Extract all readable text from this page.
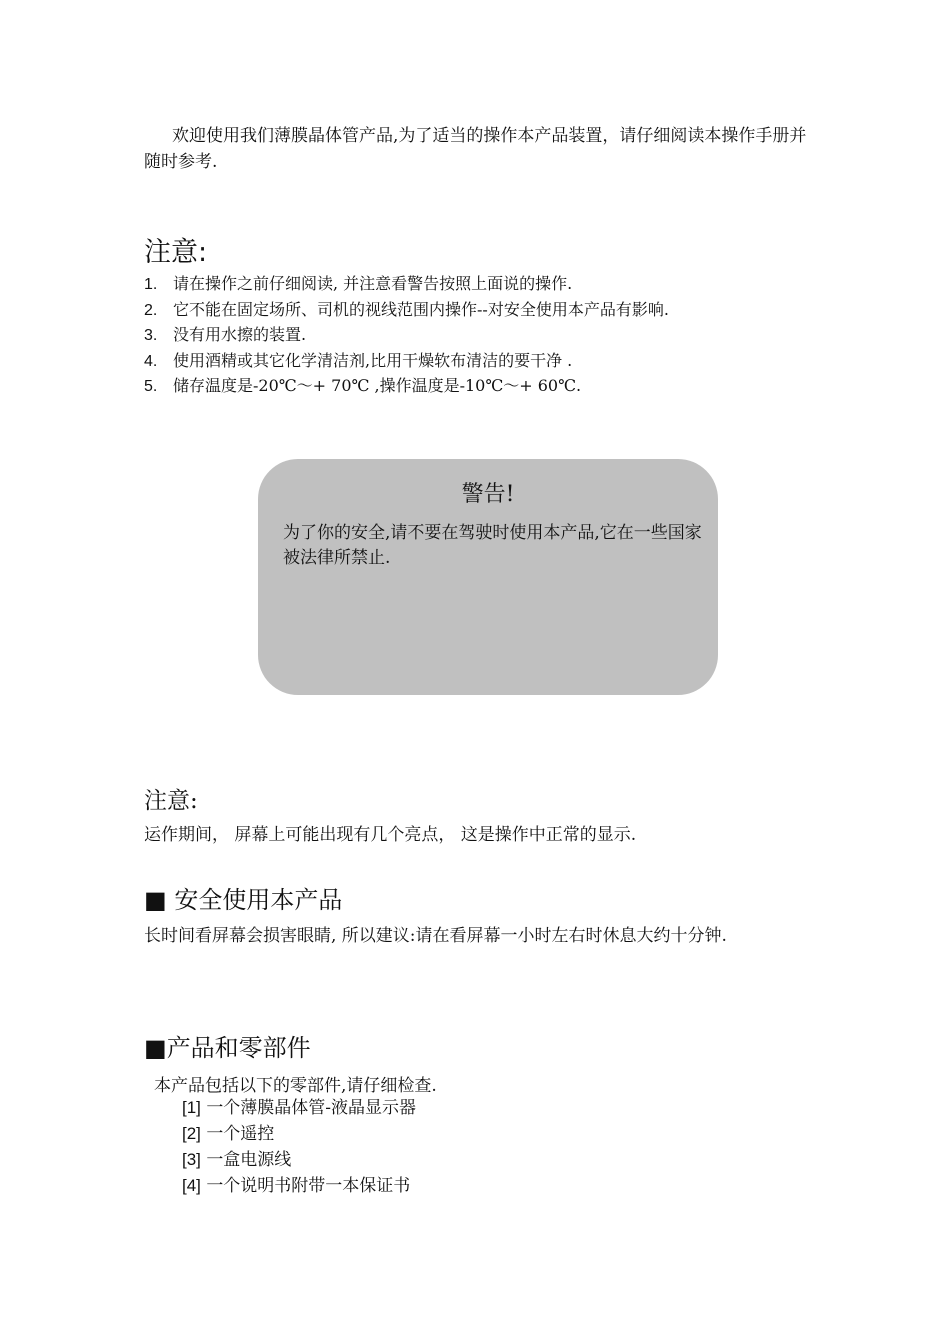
欢迎使用我们薄膜晶体管产品,为了适当的操作本产品装置，请仔细阅读本操作手册并随时参考.
注意:
1. 请在操作之前仔细阅读, 并注意看警告按照上面说的操作.
2. 它不能在固定场所、司机的视线范围内操作--对安全使用本产品有影响.
3. 没有用水擦的装置.
4. 使用酒精或其它化学清洁剂,比用干燥软布清洁的要干净 .
5. 储存温度是-20℃～+ 70℃ ,操作温度是-10℃～+ 60℃.
警告!
为了你的安全,请不要在驾驶时使用本产品,它在一些国家被法律所禁止.
注意:
运作期间， 屏幕上可能出现有几个亮点， 这是操作中正常的显示.
■ 安全使用本产品
长时间看屏幕会损害眼睛, 所以建议:请在看屏幕一小时左右时休息大约十分钟.
■产品和零部件
本产品包括以下的零部件,请仔细检查.
[1] 一个薄膜晶体管-液晶显示器
[2] 一个遥控
[3] 一盒电源线
[4] 一个说明书附带一本保证书
